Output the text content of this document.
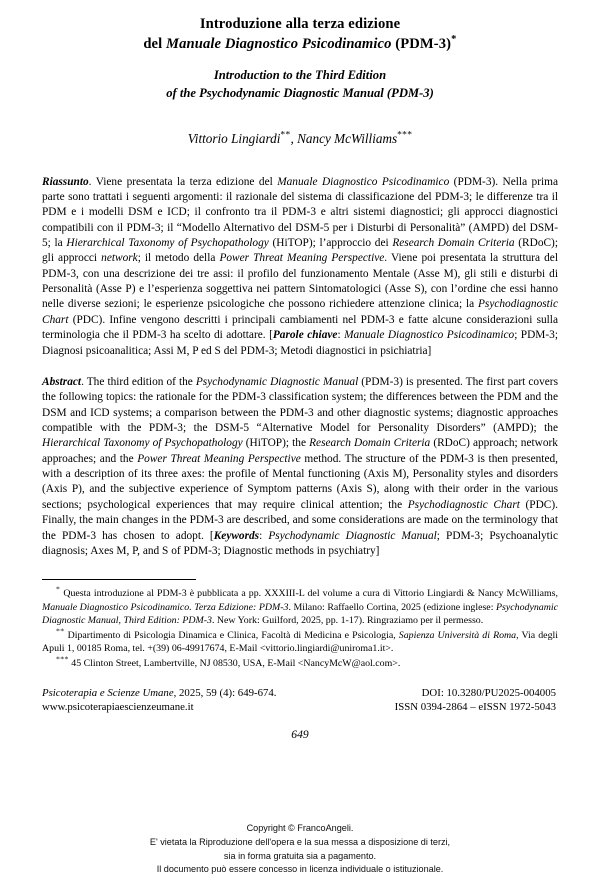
Introduzione alla terza edizione
del Manuale Diagnostico Psicodinamico (PDM-3)*
Introduction to the Third Edition
of the Psychodynamic Diagnostic Manual (PDM-3)
Vittorio Lingiardi**, Nancy McWilliams***
Riassunto. Viene presentata la terza edizione del Manuale Diagnostico Psicodinamico (PDM-3). Nella prima parte sono trattati i seguenti argomenti: il razionale del sistema di classificazione del PDM-3; le differenze tra il PDM e i modelli DSM e ICD; il confronto tra il PDM-3 e altri sistemi diagnostici; gli approcci diagnostici compatibili con il PDM-3; il “Modello Alternativo del DSM-5 per i Disturbi di Personalità” (AMPD) del DSM-5; la Hierarchical Taxonomy of Psychopathology (HiTOP); l’approccio dei Research Domain Criteria (RDoC); gli approcci network; il metodo della Power Threat Meaning Perspective. Viene poi presentata la struttura del PDM-3, con una descrizione dei tre assi: il profilo del funzionamento Mentale (Asse M), gli stili e disturbi di Personalità (Asse P) e l’esperienza soggettiva nei pattern Sintomatologici (Asse S), con l’ordine che essi hanno nelle diverse sezioni; le esperienze psicologiche che possono richiedere attenzione clinica; la Psychodiagnostic Chart (PDC). Infine vengono descritti i principali cambiamenti nel PDM-3 e fatte alcune considerazioni sulla terminologia che il PDM-3 ha scelto di adottare. [Parole chiave: Manuale Diagnostico Psicodinamico; PDM-3; Diagnosi psicoanalitica; Assi M, P ed S del PDM-3; Metodi diagnostici in psichiatria]
Abstract. The third edition of the Psychodynamic Diagnostic Manual (PDM-3) is presented. The first part covers the following topics: the rationale for the PDM-3 classification system; the differences between the PDM and the DSM and ICD systems; a comparison between the PDM-3 and other diagnostic systems; diagnostic approaches compatible with the PDM-3; the DSM-5 “Alternative Model for Personality Disorders” (AMPD); the Hierarchical Taxonomy of Psychopathology (HiTOP); the Research Domain Criteria (RDoC) approach; network approaches; and the Power Threat Meaning Perspective method. The structure of the PDM-3 is then presented, with a description of its three axes: the profile of Mental functioning (Axis M), Personality styles and disorders (Axis P), and the subjective experience of Symptom patterns (Axis S), along with their order in the various sections; psychological experiences that may require clinical attention; the Psychodiagnostic Chart (PDC). Finally, the main changes in the PDM-3 are described, and some considerations are made on the terminology that the PDM-3 has chosen to adopt. [Keywords: Psychodynamic Diagnostic Manual; PDM-3; Psychoanalytic diagnosis; Axes M, P, and S of PDM-3; Diagnostic methods in psychiatry]
* Questa introduzione al PDM-3 è pubblicata a pp. XXXIII-L del volume a cura di Vittorio Lingiardi & Nancy McWilliams, Manuale Diagnostico Psicodinamico. Terza Edizione: PDM-3. Milano: Raffaello Cortina, 2025 (edizione inglese: Psychodynamic Diagnostic Manual, Third Edition: PDM-3. New York: Guilford, 2025, pp. 1-17). Ringraziamo per il permesso.
** Dipartimento di Psicologia Dinamica e Clinica, Facoltà di Medicina e Psicologia, Sapienza Università di Roma, Via degli Apuli 1, 00185 Roma, tel. +(39) 06-49917674, E-Mail <vittorio.lingiardi@uniroma1.it>.
*** 45 Clinton Street, Lambertville, NJ 08530, USA, E-Mail <NancyMcW@aol.com>.
Psicoterapia e Scienze Umane, 2025, 59 (4): 649-674.	DOI: 10.3280/PU2025-004005
www.psicoterapiaescienzeumane.it	ISSN 0394-2864 – eISSN 1972-5043
649
Copyright © FrancoAngeli.
E' vietata la Riproduzione dell'opera e la sua messa a disposizione di terzi,
sia in forma gratuita sia a pagamento.
Il documento può essere concesso in licenza individuale o istituzionale.
